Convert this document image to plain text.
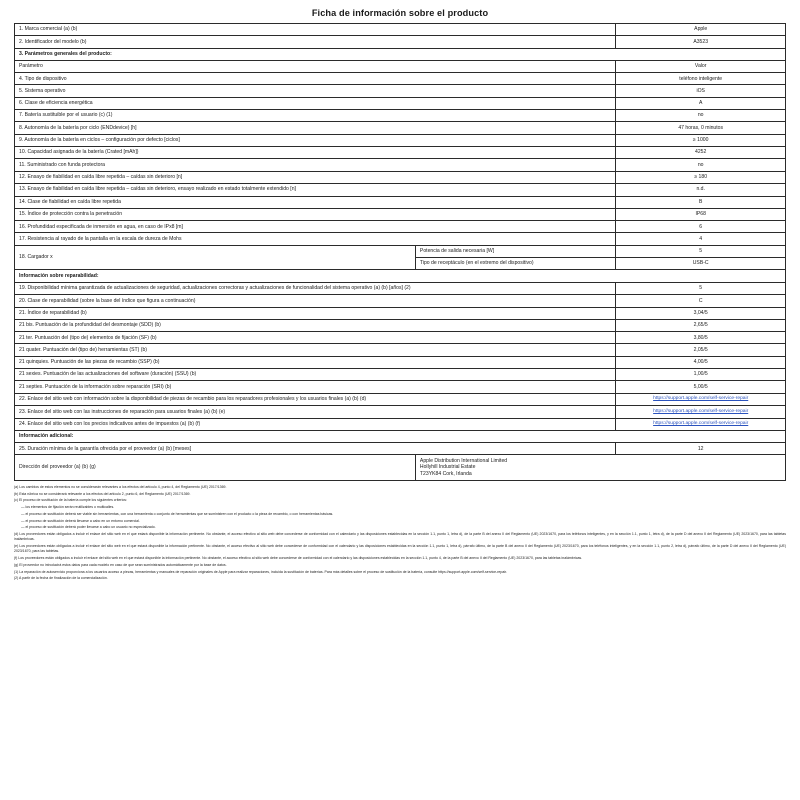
Ficha de información sobre el producto
1. Marca comercial (a) (b)		Apple
2. Identificador del modelo (b)		A3523
3. Parámetros generales del producto:		
Parámetro		Valor
4. Tipo de dispositivo		teléfono inteligente
5. Sistema operativo		iOS
6. Clase de eficiencia energética		A
7. Batería sustituible por el usuario (c) (1)		no
8. Autonomía de la batería por ciclo (ENDdevice) [h]		47 horas, 0 minutos
9. Autonomía de la batería en ciclos – configuración por defecto [ciclos]		≥ 1000
10. Capacidad asignada de la batería (Crated [mAh])		4252
11. Suministrado con funda protectora		no
12. Ensayo de fiabilidad en caída libre repetida – caídas sin deterioro [n]		≥ 180
13. Ensayo de fiabilidad en caída libre repetida – caídas sin deterioro, ensayo realizado en estado totalmente extendido [n]		n.d.
14. Clase de fiabilidad en caída libre repetida		B
15. Índice de protección contra la penetración		IP68
16. Profundidad especificada de inmersión en agua, en caso de IPx8 [m]		6
17. Resistencia al rayado de la pantalla en la escala de dureza de Mohs		4
18. Cargador x	Potencia de salida necesaria [W]	5
	Tipo de receptáculo (en el extremo del dispositivo)	USB-C
Información sobre reparabilidad:		
19. Disponibilidad mínima garantizada de actualizaciones de seguridad, actualizaciones correctoras y actualizaciones de funcionalidad del sistema operativo (a) (b) [años] (2)		5
20. Clase de reparabilidad (sobre la base del índice que figura a continuación)		C
21. Índice de reparabilidad (b)		3,04/5
21 bis. Puntuación de la profundidad del desmontaje (SDD) (b)		2,65/5
21 ter. Puntuación del (tipo de) elementos de fijación (SF) (b)		3,80/5
21 quater. Puntuación del (tipo de) herramientas (ST) (b)		2,05/5
21 quinquies. Puntuación de las piezas de recambio (SSP) (b)		4,00/5
21 sexies. Puntuación de las actualizaciones del software (duración) (SSU) (b)		1,00/5
21 septies. Puntuación de la información sobre reparación (SRI) (b)		5,00/5
22. Enlace del sitio web con información sobre la disponibilidad de piezas de recambio para los reparadores profesionales y los usuarios finales (a) (b) (d)		https://support.apple.com/self-service-repair
23. Enlace del sitio web con las instrucciones de reparación para usuarios finales (a) (b) (e)		https://support.apple.com/self-service-repair
24. Enlace del sitio web con los precios indicativos antes de impuestos (a) (b) (f)		https://support.apple.com/self-service-repair
Información adicional:		
25. Duración mínima de la garantía ofrecida por el proveedor (a) (b) [meses]		12
Dirección del proveedor (a) (b) (g)	Apple Distribution International Limited
Hollyhill Industrial Estate
T23YK84 Cork, Irlanda	

(a) Los cambios de estos elementos no se considerarán relevantes a los efectos del artículo 4, punto 4, del Reglamento (UE) 2017/1369.

(b) Esta rúbrica no se considerará relevante a los efectos del artículo 2, punto 6, del Reglamento (UE) 2017/1369.

(c) El proceso de sustitución de la batería cumple los siguientes criterios:

— los elementos de fijación serán reutilizables o multicalles.

— el proceso de sustitución deberá ser viable sin herramientas, con una herramienta o conjunto de herramientas que se suministren con el producto o la pieza de recambio, o con herramientas básicas.

— el proceso de sustitución deberá llevarse a cabo en un entorno comercial.

— el proceso de sustitución deberá poder llevarse a cabo un usuario no especializado.

(d) Los proveedores están obligados a incluir el enlace del sitio web en el que estará disponible la información pertinente. No obstante, el acceso efectivo al sitio web debe concederse de conformidad con el calendario y las disposiciones establecidas en la sección 1.1, punto 1, letra d), de la parte B del anexo II del Reglamento (UE) 2023/1670, para los teléfonos inteligentes, y en la sección 1.1, punto 1, letra d), de la parte D del anexo II del Reglamento (UE) 2023/1670, para las tabletas inalámbricas.

(e) Los proveedores están obligados a incluir el enlace del sitio web en el que estará disponible la información pertinente. No obstante, el acceso efectivo al sitio web debe concederse de conformidad con el calendario y las disposiciones establecidas en la sección 1.1, punto 1, letra d), párrafo último, de la parte B del anexo II del Reglamento (UE) 2023/1670, para los teléfonos inteligentes, y en la sección 1.1, punto 2, letra d), párrafo último, de la parte D del anexo II del Reglamento (UE) 2023/1670, para las tabletas.

(f) Los proveedores están obligados a incluir el enlace del sitio web en el que estará disponible la información pertinente. No obstante, el acceso efectivo al sitio web debe concederse de conformidad con el calendario y las disposiciones establecidas en la sección 1.1, punto 4, de la parte B del anexo II del Reglamento (UE) 2023/1670, para las tabletas inalámbricas.

(g) El proveedor no introducirá estos datos para cada modelo en caso de que sean suministrados automáticamente por la base de datos.

(1) La reparación de autoservicio proporciona a los usuarios acceso a piezas, herramientas y manuales de reparación originales de Apple para realizar reparaciones, incluida la sustitución de baterías. Para más detalles sobre el proceso de sustitución de la batería, consulte https://support.apple.com/self-service-repair.

(2) A partir de la fecha de finalización de la comercialización.
